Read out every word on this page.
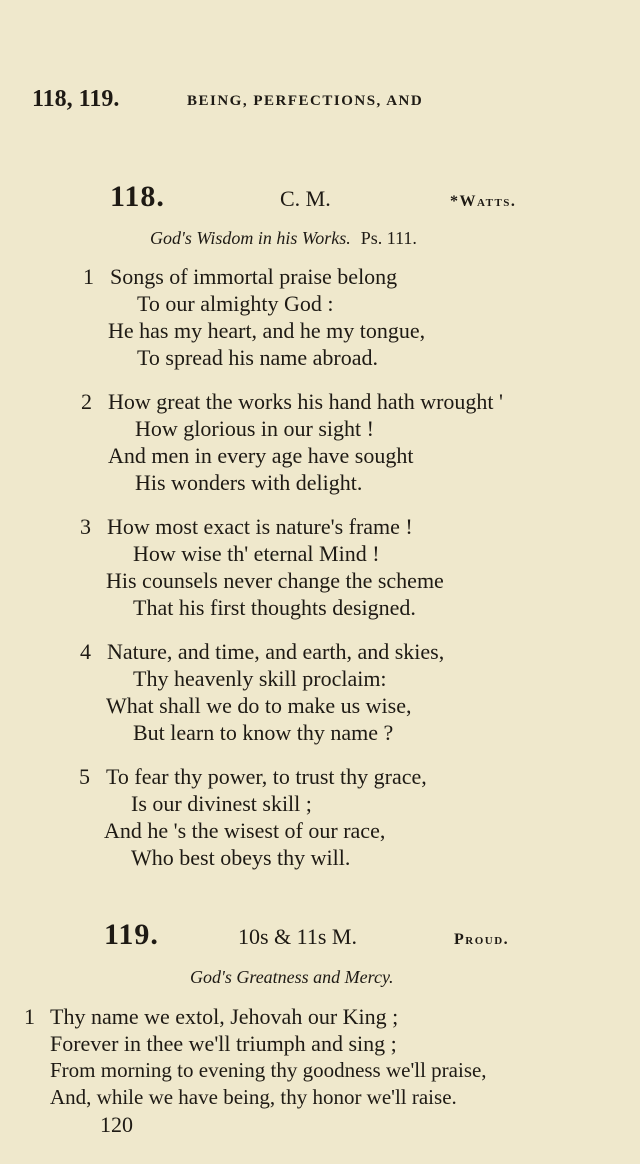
118, 119.	BEING, PERFECTIONS, AND
118.	C. M.	*Watts.
God's Wisdom in his Works. Ps. 111.
1 Songs of immortal praise belong
To our almighty God :
He has my heart, and he my tongue,
To spread his name abroad.
2 How great the works his hand hath wrought '
How glorious in our sight !
And men in every age have sought
His wonders with delight.
3 How most exact is nature's frame !
How wise th' eternal Mind !
His counsels never change the scheme
That his first thoughts designed.
4 Nature, and time, and earth, and skies,
Thy heavenly skill proclaim:
What shall we do to make us wise,
But learn to know thy name ?
5 To fear thy power, to trust thy grace,
Is our divinest skill ;
And he 's the wisest of our race,
Who best obeys thy will.
119.	10s & 11s M.	Proud.
God's Greatness and Mercy.
1 Thy name we extol, Jehovah our King ;
Forever in thee we'll triumph and sing ;
From morning to evening thy goodness we'll praise,
And, while we have being, thy honor we'll raise.
120
